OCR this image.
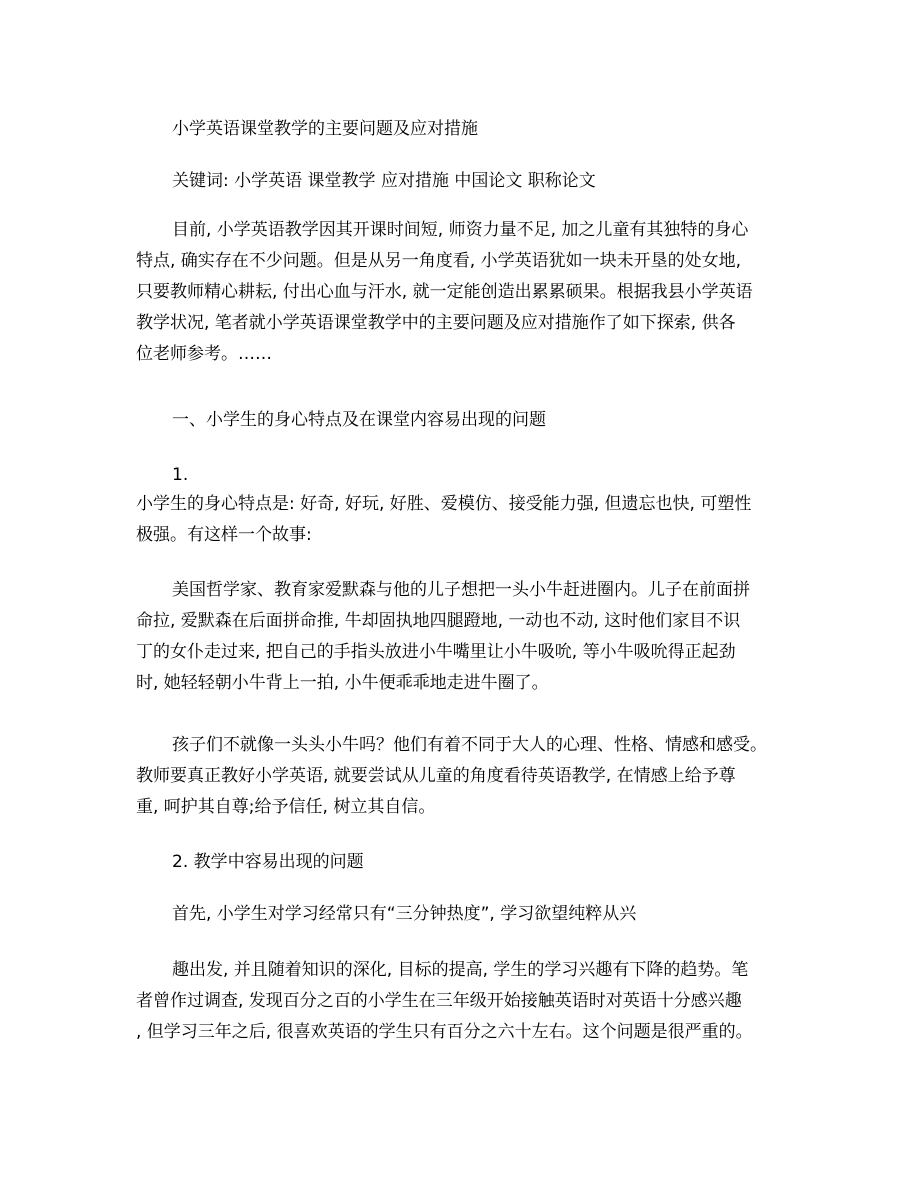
小学英语课堂教学的主要问题及应对措施
关键词: 小学英语 课堂教学 应对措施 中国论文 职称论文
目前, 小学英语教学因其开课时间短, 师资力量不足, 加之儿童有其独特的身心
特点, 确实存在不少问题。但是从另一角度看, 小学英语犹如一块未开垦的处女地,
只要教师精心耕耘, 付出心血与汗水, 就一定能创造出累累硕果。根据我县小学英语
教学状况, 笔者就小学英语课堂教学中的主要问题及应对措施作了如下探索, 供各
位老师参考。……
一、小学生的身心特点及在课堂内容易出现的问题
1.
小学生的身心特点是: 好奇, 好玩, 好胜、爱模仿、接受能力强, 但遗忘也快, 可塑性
极强。有这样一个故事:
美国哲学家、教育家爱默森与他的儿子想把一头小牛赶进圈内。儿子在前面拼
命拉, 爱默森在后面拼命推, 牛却固执地四腿蹬地, 一动也不动, 这时他们家目不识
丁的女仆走过来, 把自己的手指头放进小牛嘴里让小牛吸吮, 等小牛吸吮得正起劲
时, 她轻轻朝小牛背上一拍, 小牛便乖乖地走进牛圈了。
孩子们不就像一头头小牛吗？他们有着不同于大人的心理、性格、情感和感受。
教师要真正教好小学英语, 就要尝试从儿童的角度看待英语教学, 在情感上给予尊
重, 呵护其自尊;给予信任, 树立其自信。
2. 教学中容易出现的问题
首先, 小学生对学习经常只有“三分钟热度”, 学习欲望纯粹从兴
趣出发, 并且随着知识的深化, 目标的提高, 学生的学习兴趣有下降的趋势。笔
者曾作过调查, 发现百分之百的小学生在三年级开始接触英语时对英语十分感兴趣
, 但学习三年之后, 很喜欢英语的学生只有百分之六十左右。这个问题是很严重的。
